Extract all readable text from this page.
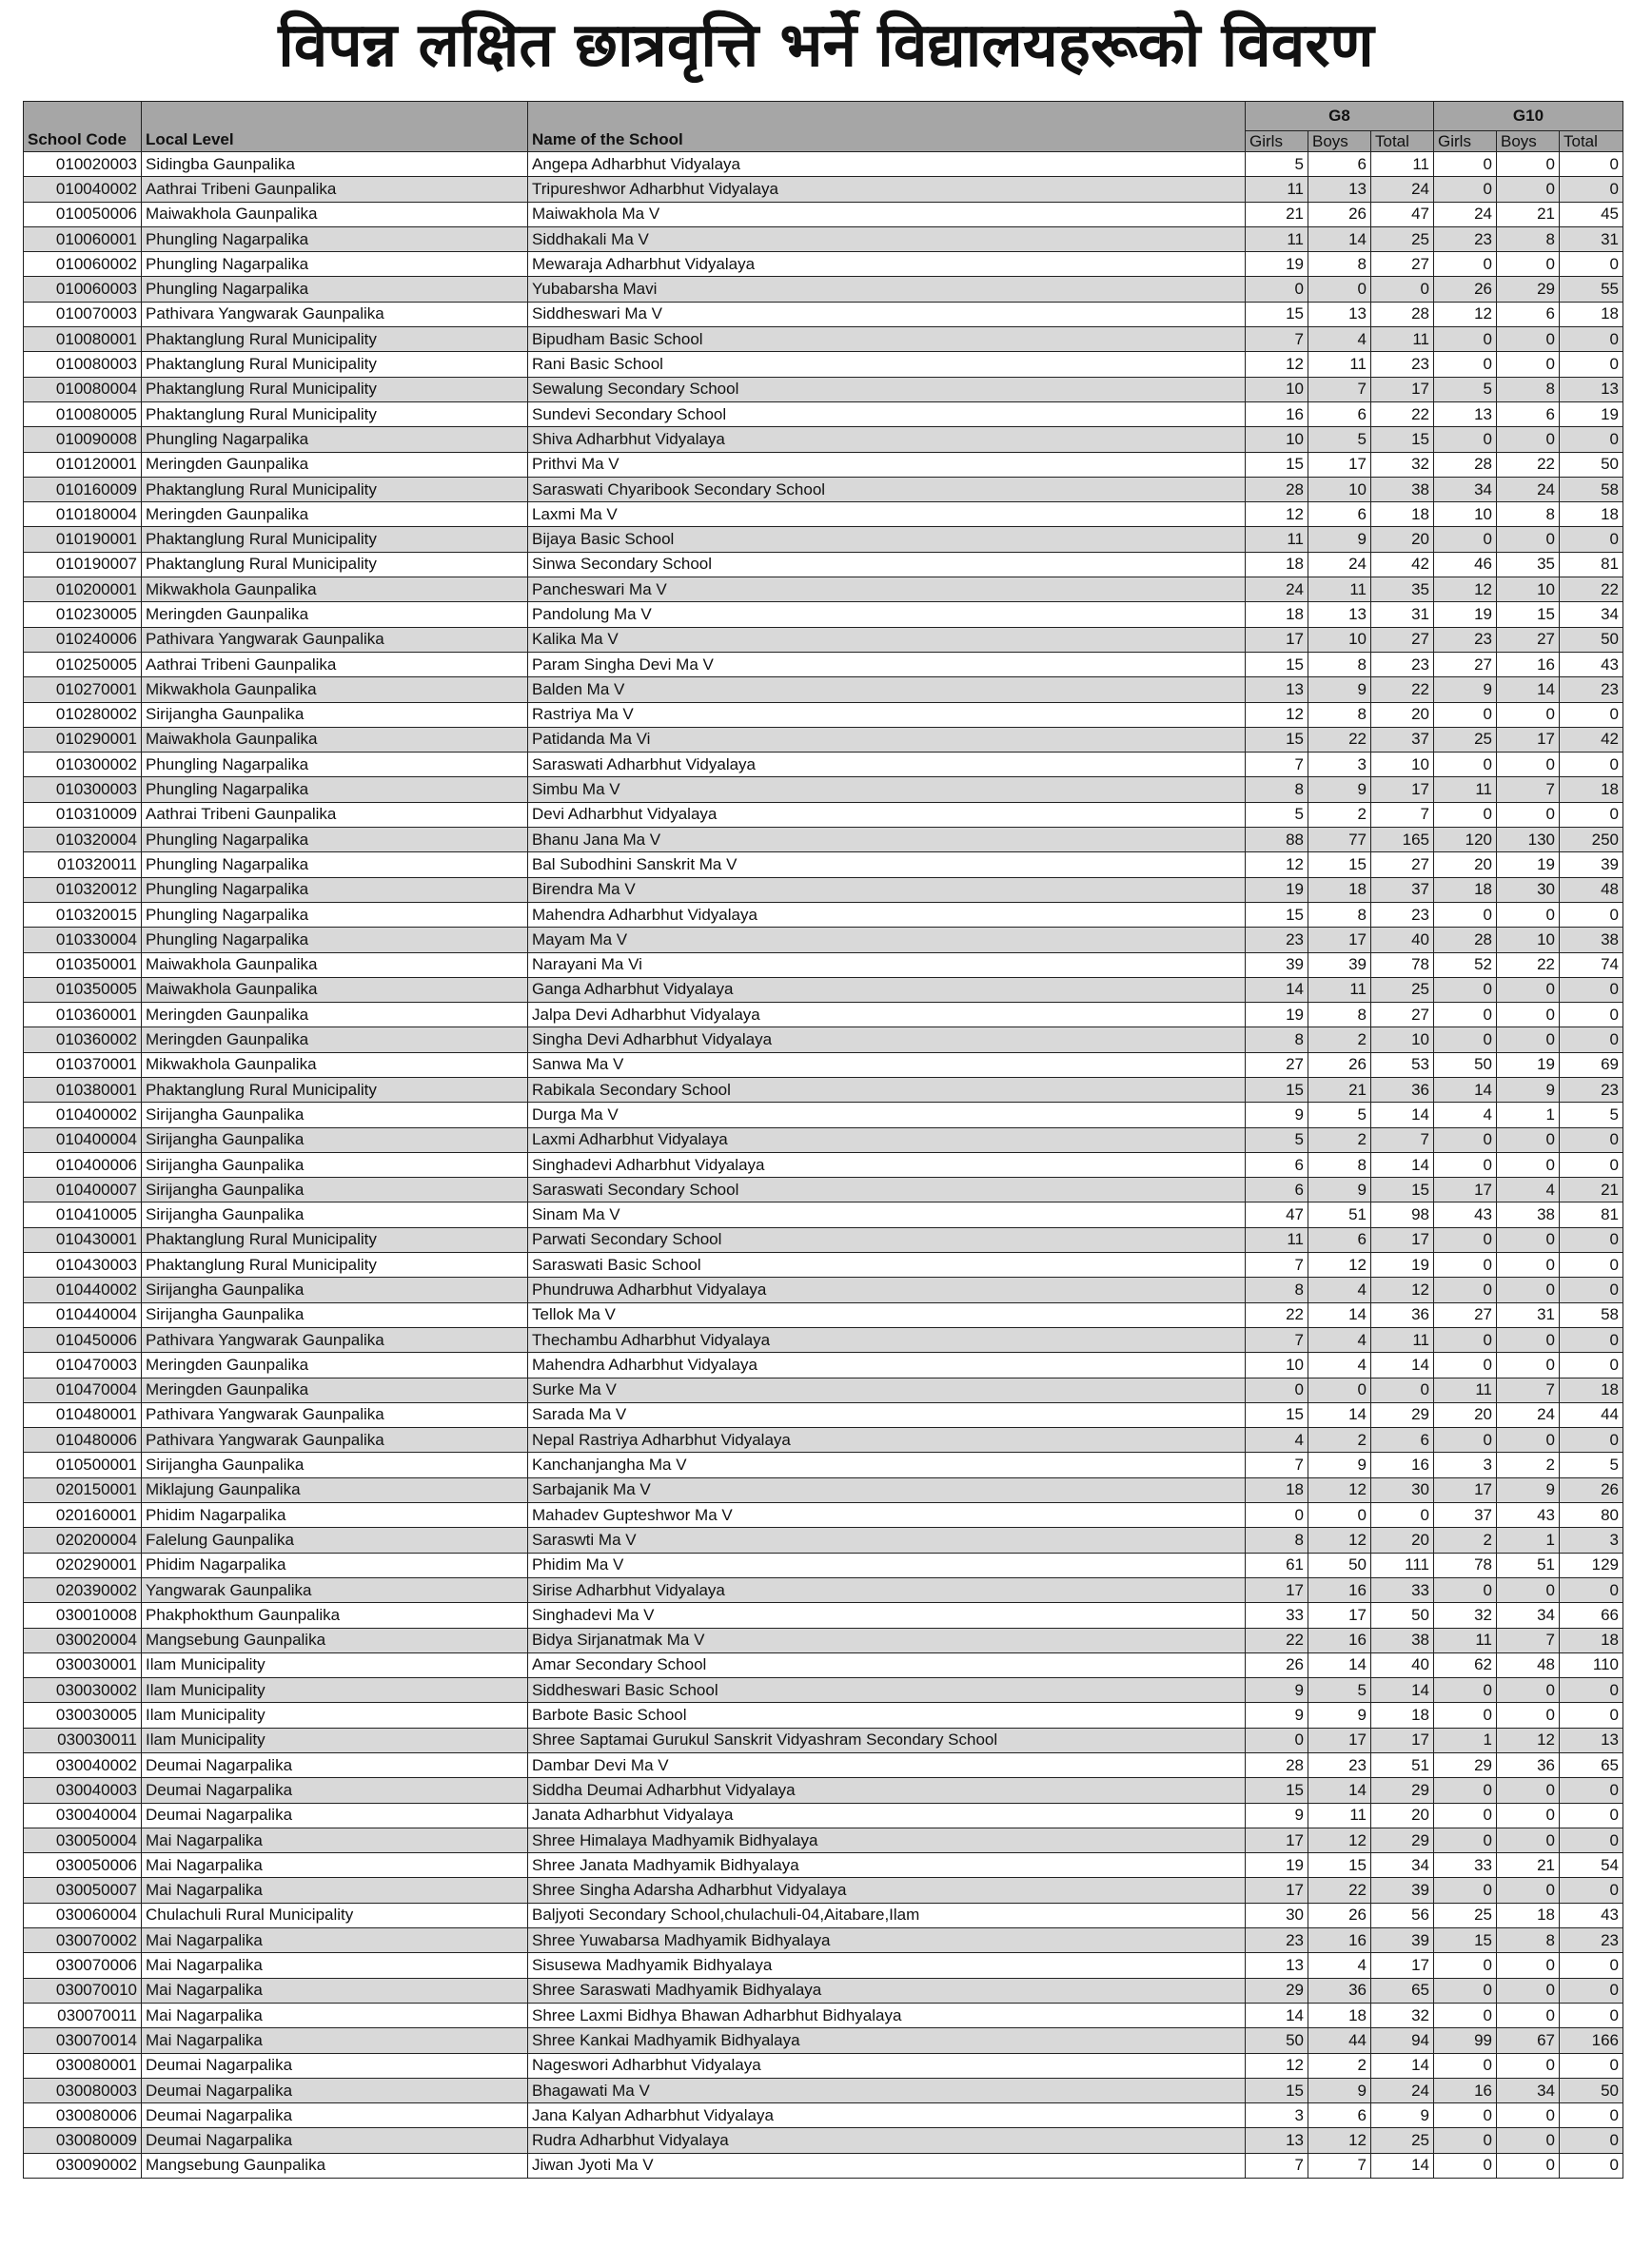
विपन्न लक्षित छात्रवृत्ति भर्ने विद्यालयहरूको विवरण
School Code	Local Level	Name of the School	G8			G10		
			Girls	Boys	Total	Girls	Boys	Total
010020003	Sidingba Gaunpalika	Angepa Adharbhut Vidyalaya	5	6	11	0	0	0
010040002	Aathrai Tribeni Gaunpalika	Tripureshwor Adharbhut Vidyalaya	11	13	24	0	0	0
010050006	Maiwakhola Gaunpalika	Maiwakhola Ma V	21	26	47	24	21	45
010060001	Phungling Nagarpalika	Siddhakali Ma V	11	14	25	23	8	31
010060002	Phungling Nagarpalika	Mewaraja Adharbhut Vidyalaya	19	8	27	0	0	0
010060003	Phungling Nagarpalika	Yubabarsha Mavi	0	0	0	26	29	55
010070003	Pathivara Yangwarak Gaunpalika	Siddheswari Ma V	15	13	28	12	6	18
010080001	Phaktanglung Rural Municipality	Bipudham Basic School	7	4	11	0	0	0
010080003	Phaktanglung Rural Municipality	Rani Basic School	12	11	23	0	0	0
010080004	Phaktanglung Rural Municipality	Sewalung Secondary School	10	7	17	5	8	13
010080005	Phaktanglung Rural Municipality	Sundevi Secondary School	16	6	22	13	6	19
010090008	Phungling Nagarpalika	Shiva Adharbhut Vidyalaya	10	5	15	0	0	0
010120001	Meringden Gaunpalika	Prithvi Ma V	15	17	32	28	22	50
010160009	Phaktanglung Rural Municipality	Saraswati Chyaribook Secondary School	28	10	38	34	24	58
010180004	Meringden Gaunpalika	Laxmi Ma V	12	6	18	10	8	18
010190001	Phaktanglung Rural Municipality	Bijaya Basic School	11	9	20	0	0	0
010190007	Phaktanglung Rural Municipality	Sinwa Secondary School	18	24	42	46	35	81
010200001	Mikwakhola Gaunpalika	Pancheswari Ma V	24	11	35	12	10	22
010230005	Meringden Gaunpalika	Pandolung Ma V	18	13	31	19	15	34
010240006	Pathivara Yangwarak Gaunpalika	Kalika Ma V	17	10	27	23	27	50
010250005	Aathrai Tribeni Gaunpalika	Param Singha Devi Ma V	15	8	23	27	16	43
010270001	Mikwakhola Gaunpalika	Balden Ma V	13	9	22	9	14	23
010280002	Sirijangha Gaunpalika	Rastriya Ma V	12	8	20	0	0	0
010290001	Maiwakhola Gaunpalika	Patidanda Ma Vi	15	22	37	25	17	42
010300002	Phungling Nagarpalika	Saraswati Adharbhut Vidyalaya	7	3	10	0	0	0
010300003	Phungling Nagarpalika	Simbu Ma V	8	9	17	11	7	18
010310009	Aathrai Tribeni Gaunpalika	Devi Adharbhut Vidyalaya	5	2	7	0	0	0
010320004	Phungling Nagarpalika	Bhanu Jana Ma V	88	77	165	120	130	250
010320011	Phungling Nagarpalika	Bal Subodhini Sanskrit Ma V	12	15	27	20	19	39
010320012	Phungling Nagarpalika	Birendra Ma V	19	18	37	18	30	48
010320015	Phungling Nagarpalika	Mahendra Adharbhut Vidyalaya	15	8	23	0	0	0
010330004	Phungling Nagarpalika	Mayam Ma V	23	17	40	28	10	38
010350001	Maiwakhola Gaunpalika	Narayani Ma Vi	39	39	78	52	22	74
010350005	Maiwakhola Gaunpalika	Ganga Adharbhut Vidyalaya	14	11	25	0	0	0
010360001	Meringden Gaunpalika	Jalpa Devi Adharbhut Vidyalaya	19	8	27	0	0	0
010360002	Meringden Gaunpalika	Singha Devi Adharbhut Vidyalaya	8	2	10	0	0	0
010370001	Mikwakhola Gaunpalika	Sanwa Ma V	27	26	53	50	19	69
010380001	Phaktanglung Rural Municipality	Rabikala Secondary School	15	21	36	14	9	23
010400002	Sirijangha Gaunpalika	Durga Ma V	9	5	14	4	1	5
010400004	Sirijangha Gaunpalika	Laxmi Adharbhut Vidyalaya	5	2	7	0	0	0
010400006	Sirijangha Gaunpalika	Singhadevi Adharbhut Vidyalaya	6	8	14	0	0	0
010400007	Sirijangha Gaunpalika	Saraswati Secondary School	6	9	15	17	4	21
010410005	Sirijangha Gaunpalika	Sinam Ma V	47	51	98	43	38	81
010430001	Phaktanglung Rural Municipality	Parwati Secondary School	11	6	17	0	0	0
010430003	Phaktanglung Rural Municipality	Saraswati Basic School	7	12	19	0	0	0
010440002	Sirijangha Gaunpalika	Phundruwa Adharbhut Vidyalaya	8	4	12	0	0	0
010440004	Sirijangha Gaunpalika	Tellok Ma V	22	14	36	27	31	58
010450006	Pathivara Yangwarak Gaunpalika	Thechambu Adharbhut Vidyalaya	7	4	11	0	0	0
010470003	Meringden Gaunpalika	Mahendra Adharbhut Vidyalaya	10	4	14	0	0	0
010470004	Meringden Gaunpalika	Surke Ma V	0	0	0	11	7	18
010480001	Pathivara Yangwarak Gaunpalika	Sarada Ma V	15	14	29	20	24	44
010480006	Pathivara Yangwarak Gaunpalika	Nepal Rastriya Adharbhut Vidyalaya	4	2	6	0	0	0
010500001	Sirijangha Gaunpalika	Kanchanjangha Ma V	7	9	16	3	2	5
020150001	Miklajung Gaunpalika	Sarbajanik Ma V	18	12	30	17	9	26
020160001	Phidim Nagarpalika	Mahadev Gupteshwor Ma V	0	0	0	37	43	80
020200004	Falelung Gaunpalika	Saraswti Ma V	8	12	20	2	1	3
020290001	Phidim Nagarpalika	Phidim Ma V	61	50	111	78	51	129
020390002	Yangwarak Gaunpalika	Sirise Adharbhut Vidyalaya	17	16	33	0	0	0
030010008	Phakphokthum Gaunpalika	Singhadevi Ma V	33	17	50	32	34	66
030020004	Mangsebung Gaunpalika	Bidya Sirjanatmak Ma V	22	16	38	11	7	18
030030001	Ilam Municipality	Amar Secondary School	26	14	40	62	48	110
030030002	Ilam Municipality	Siddheswari Basic School	9	5	14	0	0	0
030030005	Ilam Municipality	Barbote Basic School	9	9	18	0	0	0
030030011	Ilam Municipality	Shree Saptamai Gurukul Sanskrit Vidyashram Secondary School	0	17	17	1	12	13
030040002	Deumai Nagarpalika	Dambar Devi Ma V	28	23	51	29	36	65
030040003	Deumai Nagarpalika	Siddha Deumai Adharbhut Vidyalaya	15	14	29	0	0	0
030040004	Deumai Nagarpalika	Janata Adharbhut Vidyalaya	9	11	20	0	0	0
030050004	Mai Nagarpalika	Shree Himalaya Madhyamik Bidhyalaya	17	12	29	0	0	0
030050006	Mai Nagarpalika	Shree Janata Madhyamik Bidhyalaya	19	15	34	33	21	54
030050007	Mai Nagarpalika	Shree Singha Adarsha Adharbhut Vidyalaya	17	22	39	0	0	0
030060004	Chulachuli Rural Municipality	Baljyoti Secondary School,chulachuli-04,Aitabare,Ilam	30	26	56	25	18	43
030070002	Mai Nagarpalika	Shree Yuwabarsa Madhyamik Bidhyalaya	23	16	39	15	8	23
030070006	Mai Nagarpalika	Sisusewa Madhyamik Bidhyalaya	13	4	17	0	0	0
030070010	Mai Nagarpalika	Shree Saraswati Madhyamik Bidhyalaya	29	36	65	0	0	0
030070011	Mai Nagarpalika	Shree Laxmi Bidhya Bhawan Adharbhut Bidhyalaya	14	18	32	0	0	0
030070014	Mai Nagarpalika	Shree Kankai Madhyamik Bidhyalaya	50	44	94	99	67	166
030080001	Deumai Nagarpalika	Nageswori Adharbhut Vidyalaya	12	2	14	0	0	0
030080003	Deumai Nagarpalika	Bhagawati Ma V	15	9	24	16	34	50
030080006	Deumai Nagarpalika	Jana Kalyan Adharbhut Vidyalaya	3	6	9	0	0	0
030080009	Deumai Nagarpalika	Rudra Adharbhut Vidyalaya	13	12	25	0	0	0
030090002	Mangsebung Gaunpalika	Jiwan Jyoti Ma V	7	7	14	0	0	0
